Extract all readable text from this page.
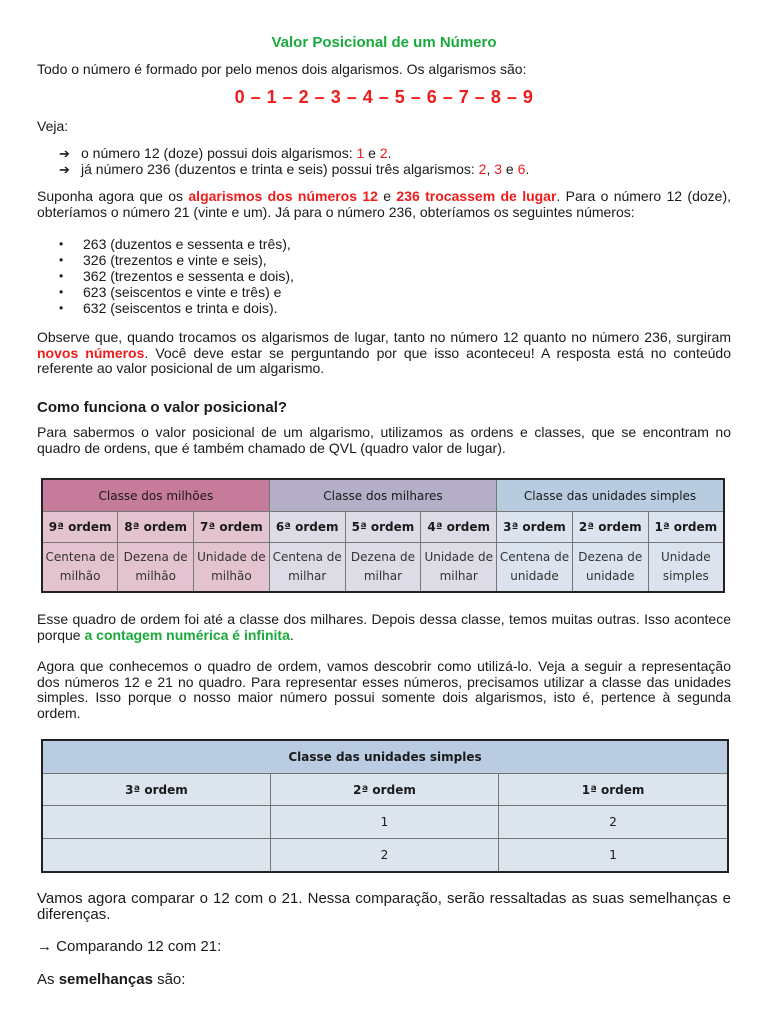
Valor Posicional de um Número
Todo o número é formado por pelo menos dois algarismos. Os algarismos são:
0 – 1 – 2 – 3 – 4 – 5 – 6 – 7 – 8 – 9
Veja:
➔ o número 12 (doze) possui dois algarismos: 1 e 2.
➔ já número 236 (duzentos e trinta e seis) possui três algarismos: 2, 3 e 6.
Suponha agora que os algarismos dos números 12 e 236 trocassem de lugar. Para o número 12 (doze), obteríamos o número 21 (vinte e um). Já para o número 236, obteríamos os seguintes números:
• 263 (duzentos e sessenta e três),
• 326 (trezentos e vinte e seis),
• 362 (trezentos e sessenta e dois),
• 623 (seiscentos e vinte e três) e
• 632 (seiscentos e trinta e dois).
Observe que, quando trocamos os algarismos de lugar, tanto no número 12 quanto no número 236, surgiram novos números. Você deve estar se perguntando por que isso aconteceu! A resposta está no conteúdo referente ao valor posicional de um algarismo.
Como funciona o valor posicional?
Para sabermos o valor posicional de um algarismo, utilizamos as ordens e classes, que se encontram no quadro de ordens, que é também chamado de QVL (quadro valor de lugar).
Classe dos milhões			Classe dos milhares			Classe das unidades simples		
9ª ordem	8ª ordem	7ª ordem	6ª ordem	5ª ordem	4ª ordem	3ª ordem	2ª ordem	1ª ordem
Centena de milhão	Dezena de milhão	Unidade de milhão	Centena de milhar	Dezena de milhar	Unidade de milhar	Centena de unidade	Dezena de unidade	Unidade simples
Esse quadro de ordem foi até a classe dos milhares. Depois dessa classe, temos muitas outras. Isso acontece porque a contagem numérica é infinita.
Agora que conhecemos o quadro de ordem, vamos descobrir como utilizá-lo. Veja a seguir a representação dos números 12 e 21 no quadro. Para representar esses números, precisamos utilizar a classe das unidades simples. Isso porque o nosso maior número possui somente dois algarismos, isto é, pertence à segunda ordem.
Classe das unidades simples		
3ª ordem	2ª ordem	1ª ordem
	1	2
	2	1
Vamos agora comparar o 12 com o 21. Nessa comparação, serão ressaltadas as suas semelhanças e diferenças.
→ Comparando 12 com 21:
As semelhanças são:
